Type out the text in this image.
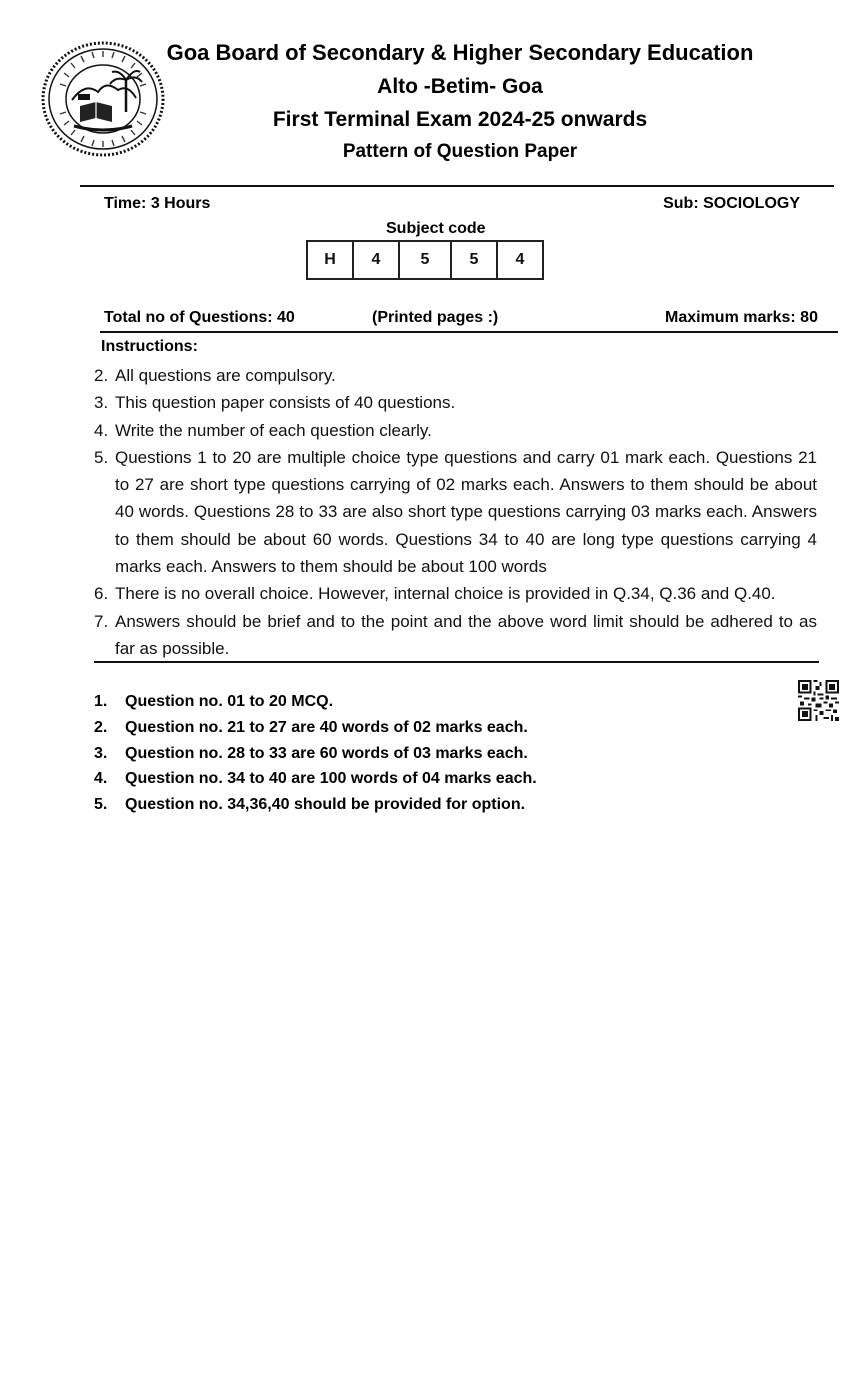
Goa Board of Secondary & Higher Secondary Education
Alto -Betim- Goa
First Terminal Exam 2024-25 onwards
Pattern of Question Paper
Time: 3 Hours	Sub: SOCIOLOGY
Subject code
H	4	5	5	4
Total no of Questions: 40	(Printed pages :)	Maximum marks: 80
Instructions:
2. All questions are compulsory.
3. This question paper consists of 40 questions.
4. Write the number of each question clearly.
5. Questions 1 to 20 are multiple choice type questions and carry 01 mark each. Questions 21 to 27 are short type questions carrying of 02 marks each. Answers to them should be about 40 words. Questions 28 to 33 are also short type questions carrying 03 marks each. Answers to them should be about 60 words. Questions 34 to 40 are long type questions carrying 4 marks each. Answers to them should be about 100 words
6. There is no overall choice. However, internal choice is provided in Q.34, Q.36 and Q.40.
7. Answers should be brief and to the point and the above word limit should be adhered to as far as possible.
1.	Question no. 01 to 20 MCQ.
2.	Question no. 21 to 27 are 40 words of 02 marks each.
3.	Question no. 28 to 33 are 60 words of 03 marks each.
4.	Question no. 34 to 40 are 100 words of 04 marks each.
5.	Question no. 34,36,40 should be provided for option.
